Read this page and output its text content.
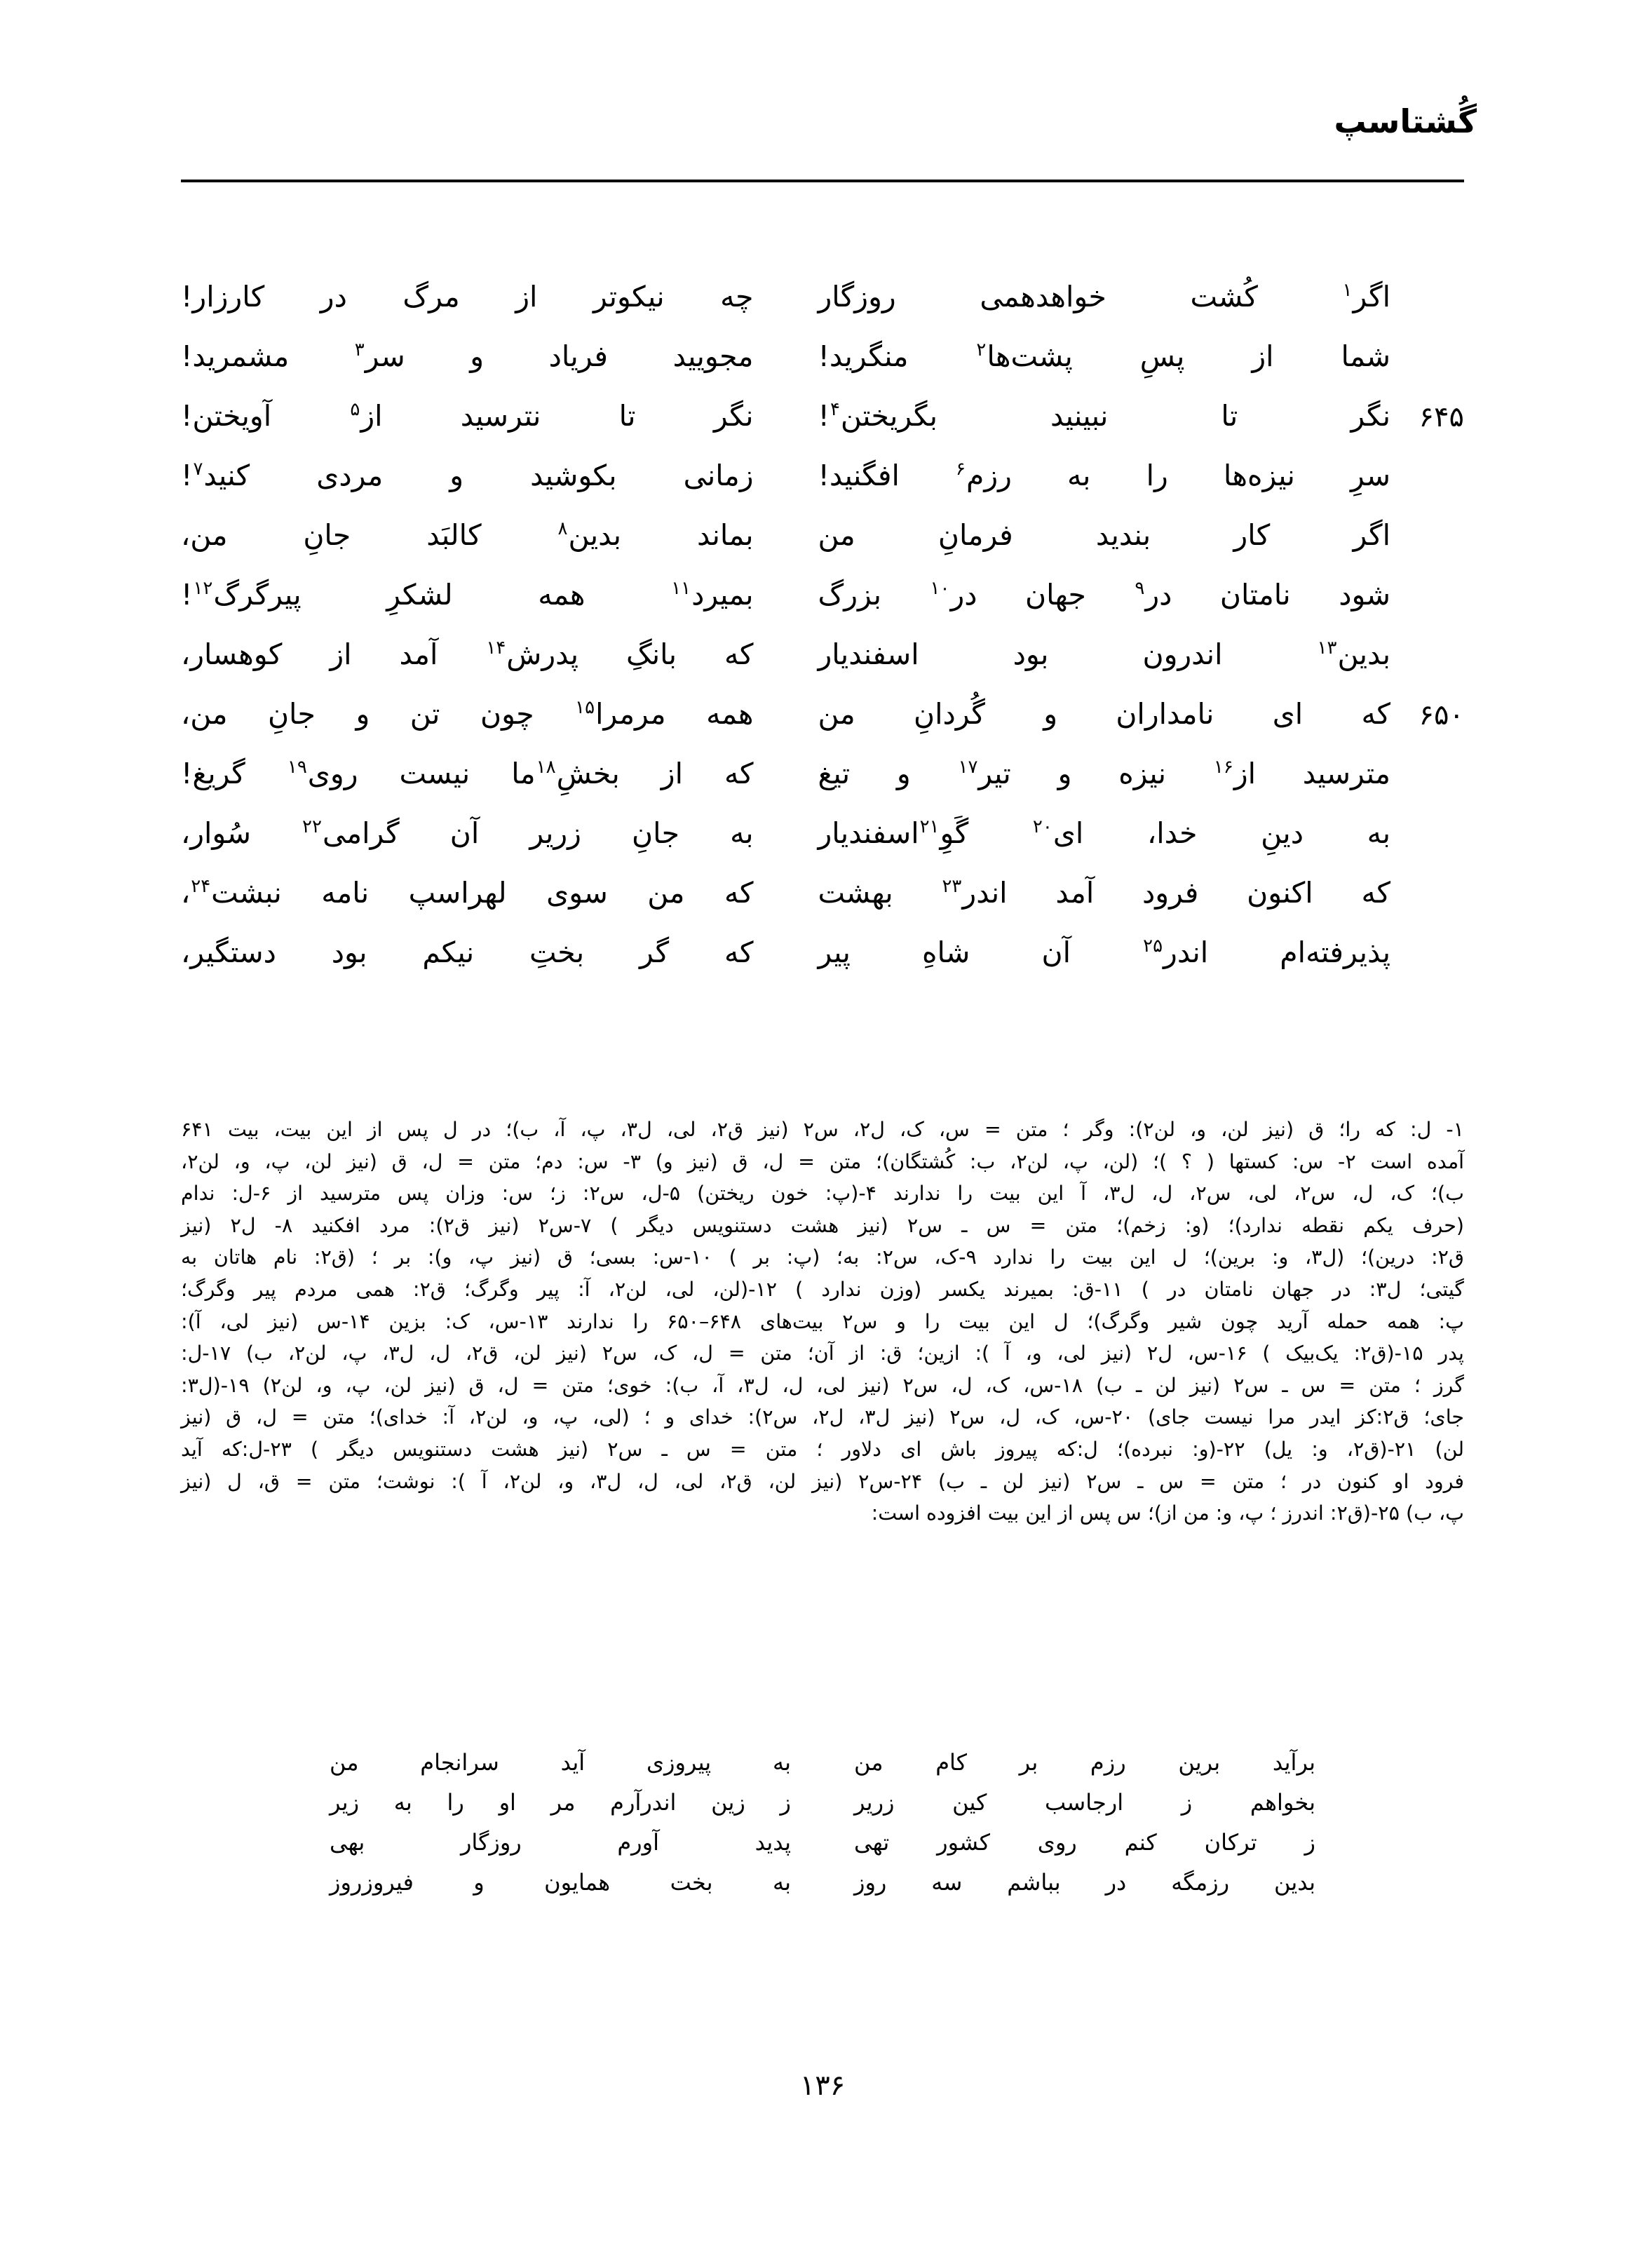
گُشتاسپ
اگر$^۱$ کُشت خواهدهمی روزگار
چه نیکوتر از مرگ در کارزار!
شما از پسِ پشت‌ها$^۲$ منگرید!
مجویید فریاد و سر$^۳$ مشمرید!
۶۴۵
نگر تا نبینید بگریختن$^۴$!
نگر تا نترسید از$^۵$ آویختن!
سرِ نیزه‌ها را به رزم$^۶$ افگنید!
زمانی بکوشید و مردی کنید$^۷$!
اگر کار بندید فرمانِ من
بماند بدین$^۸$ کالبَد جانِ من،
شود نامتان در$^۹$ جهان در$^{۱۰}$ بزرگ
بمیرد$^{۱۱}$ همه لشکرِ پیرگرگ$^{۱۲}$!
بدین$^{۱۳}$ اندرون بود اسفندیار
که بانگِ پدرش$^{۱۴}$ آمد از کوهسار،
۶۵۰
که ای نامداران و گُردانِ من
همه مرمرا$^{۱۵}$ چون تن و جانِ من،
مترسید از$^{۱۶}$ نیزه و تیر$^{۱۷}$ و تیغ
که از بخشِ$^{۱۸}$ما نیست روی$^{۱۹}$ گریغ!
به دینِ خدا، ای$^{۲۰}$ گَوِ$^{۲۱}$اسفندیار
به جانِ زریر آن گرامی$^{۲۲}$ سُوار،
که اکنون فرود آمد اندر$^{۲۳}$ بهشت
که من سوی لهراسپ نامه نبشت$^{۲۴}$،
پذیرفته‌ام اندر$^{۲۵}$ آن شاهِ پیر
که گر بختِ نیکم بود دستگیر،

۱- ل: که را؛ ق (نیز لن، و، لن۲): وگر ؛ متن = س، ک، ل۲، س۲ (نیز ق۲، لی، ل۳، پ، آ، ب)؛ در ل پس از این بیت، بیت ۶۴۱

آمده است ۲- س: کستها ( ؟ )؛ (لن، پ، لن۲، ب: کُشتگان)؛ متن = ل، ق (نیز و) ۳- س: دم؛ متن = ل، ق (نیز لن، پ، و، لن۲،

ب)؛ ک، ل، س۲، لی، س۲، ل، ل۳، آ این بیت را ندارند ۴-(پ: خون ریختن) ۵-ل، س۲: ز؛ س: وزان پس مترسید از ۶-ل: ندام

(حرف یکم نقطه ندارد)؛ (و: زخم)؛ متن = س ـ س۲ (نیز هشت دستنویس دیگر ) ۷-س۲ (نیز ق۲): مرد افکنید ۸- ل۲ (نیز

ق۲: درین)؛ (ل۳، و: برین)؛ ل این بیت را ندارد ۹-ک، س۲: به؛ (پ: بر ) ۱۰-س: بسی؛ ق (نیز پ، و): بر ؛ (ق۲: نام هاتان به

گیتی؛ ل۳: در جهان نامتان در ) ۱۱-ق: بمیرند یکسر (وزن ندارد ) ۱۲-(لن، لی، لن۲، آ: پیر وگرگ؛ ق۲: همی مردم پیر وگرگ؛

پ: همه حمله آرید چون شیر وگرگ)؛ ل این بیت را و س۲ بیت‌های ۶۴۸–۶۵۰ را ندارند ۱۳-س، ک: بزین ۱۴-س (نیز لی، آ):

پدر ۱۵-(ق۲: یک‌بیک ) ۱۶-س، ل۲ (نیز لی، و، آ ): ازین؛ ق: از آن؛ متن = ل، ک، س۲ (نیز لن، ق۲، ل، ل۳، پ، لن۲، ب) ۱۷-ل:

گرز ؛ متن = س ـ س۲ (نیز لن ـ ب) ۱۸-س، ک، ل، س۲ (نیز لی، ل، ل۳، آ، ب): خوی؛ متن = ل، ق (نیز لن، پ، و، لن۲) ۱۹-(ل۳:

جای؛ ق۲:کز ایدر مرا نیست جای) ۲۰-س، ک، ل، س۲ (نیز ل۳، ل۲، س۲): خدای و ؛ (لی، پ، و، لن۲، آ: خدای)؛ متن = ل، ق (نیز

لن) ۲۱-(ق۲، و: یل) ۲۲-(و: نبرده)؛ ل:که پیروز باش ای دلاور ؛ متن = س ـ س۲ (نیز هشت دستنویس دیگر ) ۲۳-ل:که آید

فرود او کنون در ؛ متن = س ـ س۲ (نیز لن ـ ب) ۲۴-س۲ (نیز لن، ق۲، لی، ل، ل۳، و، لن۲، آ ): نوشت؛ متن = ق، ل (نیز

پ، ب) ۲۵-(ق۲: اندرز ؛ پ، و: من از)؛ س پس از این بیت افزوده است:

برآید برین رزم بر کام من
به پیروزی آید سرانجام من
بخواهم ز ارجاسب کین زریر
ز زین اندرآرم مر او را به زیر
ز ترکان کنم روی کشور تهی
پدید آورم روزگار بهی
بدین رزمگه در بباشم سه روز
به بخت همایون و فیروزروز
۱۳۶
